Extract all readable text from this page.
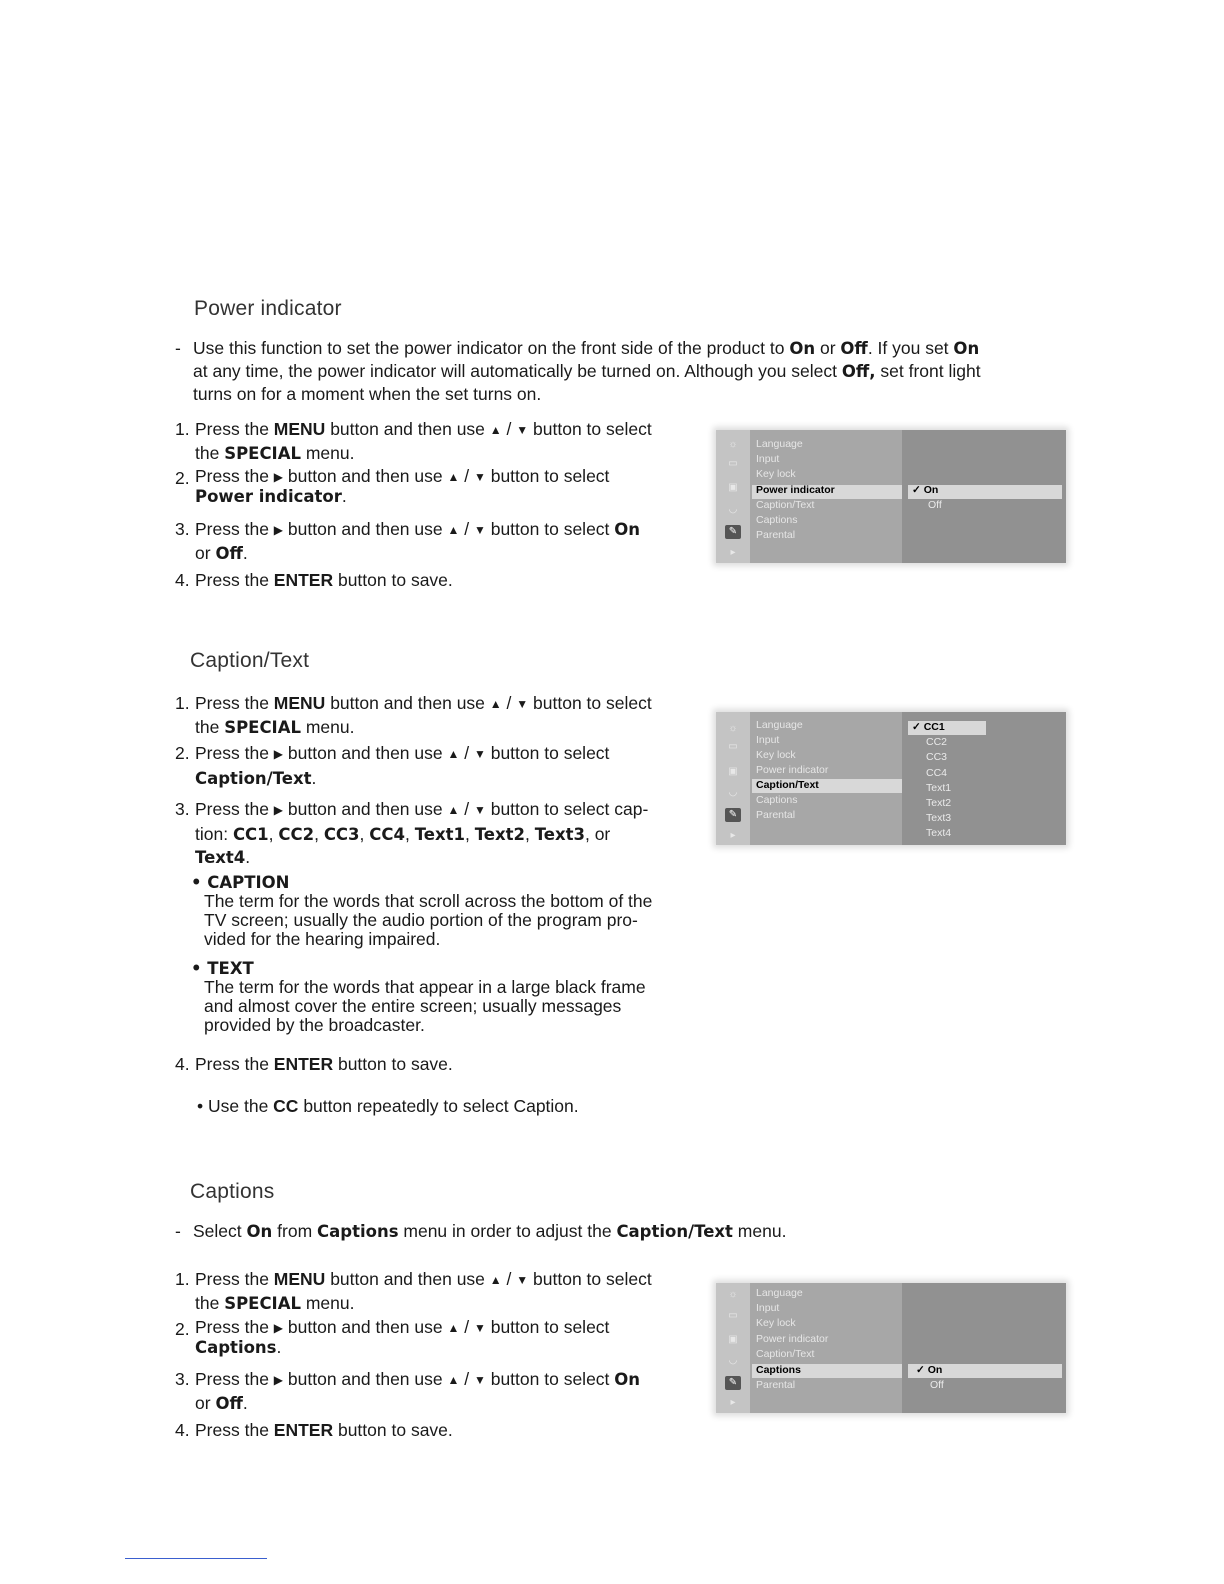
Power indicator
- Use this function to set the power indicator on the front side of the product to On or Off. If you set On
at any time, the power indicator will automatically be turned on. Although you select Off, set front light
turns on for a moment when the set turns on.
1. Press the MENU button and then use ▲ / ▼ button to select
the SPECIAL menu.
2. Press the ▶ button and then use ▲ / ▼ button to select
Power indicator.
3. Press the ▶ button and then use ▲ / ▼ button to select On
or Off.
4. Press the ENTER button to save.
☼
▭
▣
◡
✎
▸
Language
Input
Key lock
Power indicator
Caption/Text
Captions
Parental
✓ On
Off
Caption/Text
1. Press the MENU button and then use ▲ / ▼ button to select
the SPECIAL menu.
2. Press the ▶ button and then use ▲ / ▼ button to select
Caption/Text.
3. Press the ▶ button and then use ▲ / ▼ button to select cap-
tion: CC1, CC2, CC3, CC4, Text1, Text2, Text3, or
Text4.
• CAPTION
The term for the words that scroll across the bottom of the
TV screen; usually the audio portion of the program pro-
vided for the hearing impaired.
• TEXT
The term for the words that appear in a large black frame
and almost cover the entire screen; usually messages
provided by the broadcaster.
4. Press the ENTER button to save.
• Use the CC button repeatedly to select Caption.
☼
▭
▣
◡
✎
▸
Language
Input
Key lock
Power indicator
Caption/Text
Captions
Parental
✓ CC1
CC2
CC3
CC4
Text1
Text2
Text3
Text4
Captions
- Select On from Captions menu in order to adjust the Caption/Text menu.
1. Press the MENU button and then use ▲ / ▼ button to select
the SPECIAL menu.
2. Press the ▶ button and then use ▲ / ▼ button to select
Captions.
3. Press the ▶ button and then use ▲ / ▼ button to select On
or Off.
4. Press the ENTER button to save.
☼
▭
▣
◡
✎
▸
Language
Input
Key lock
Power indicator
Caption/Text
Captions
Parental
✓ On
Off
